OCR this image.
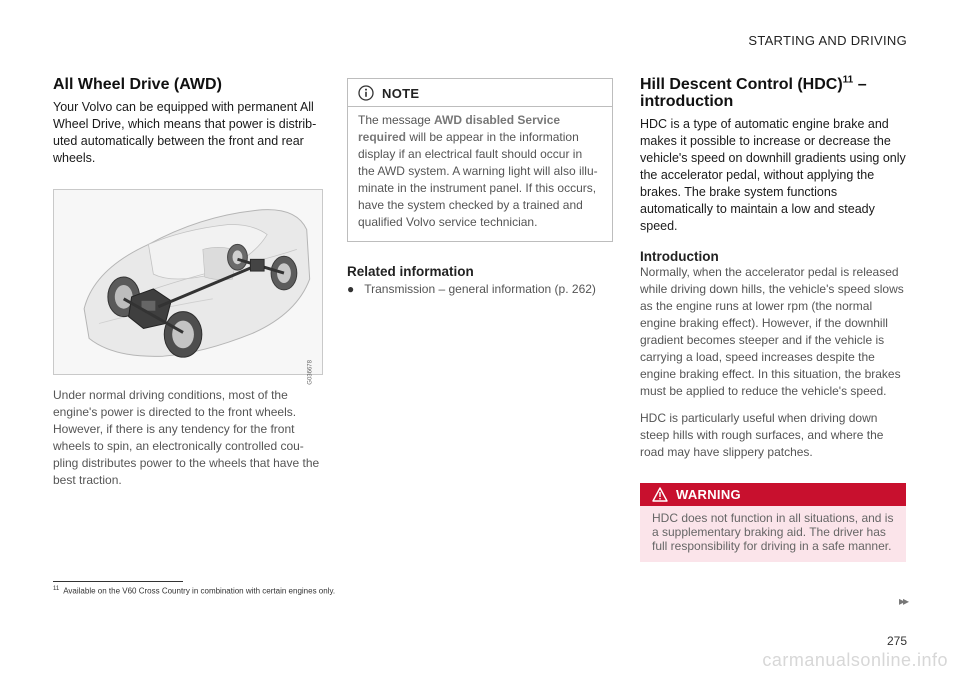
STARTING AND DRIVING
All Wheel Drive (AWD)

Your Volvo can be equipped with permanent All Wheel Drive, which means that power is distrib-uted automatically between the front and rear wheels.

G036678

Under normal driving conditions, most of the engine's power is directed to the front wheels. However, if there is any tendency for the front wheels to spin, an electronically controlled cou-pling distributes power to the wheels that have the best traction.

NOTE

The message AWD disabled Service required will be appear in the information display if an electrical fault should occur in the AWD system. A warning light will also illu-minate in the instrument panel. If this occurs, have the system checked by a trained and qualified Volvo service technician.

Related information
● Transmission – general information (p. 262)
Hill Descent Control (HDC)$^{11}$ – introduction

HDC is a type of automatic engine brake and makes it possible to increase or decrease the vehicle's speed on downhill gradients using only the accelerator pedal, without applying the brakes. The brake system functions automatically to maintain a low and steady speed.

Introduction

Normally, when the accelerator pedal is released while driving down hills, the vehicle's speed slows as the engine runs at lower rpm (the normal engine braking effect). However, if the downhill gradient becomes steeper and if the vehicle is carrying a load, speed increases despite the engine braking effect. In this situation, the brakes must be applied to reduce the vehicle's speed.

HDC is particularly useful when driving down steep hills with rough surfaces, and where the road may have slippery patches.

WARNING
HDC does not function in all situations, and is a supplementary braking aid. The driver has full responsibility for driving in a safe manner.
$^{11}$ Available on the V60 Cross Country in combination with certain engines only.
▸▸
275
carmanualsonline.info
